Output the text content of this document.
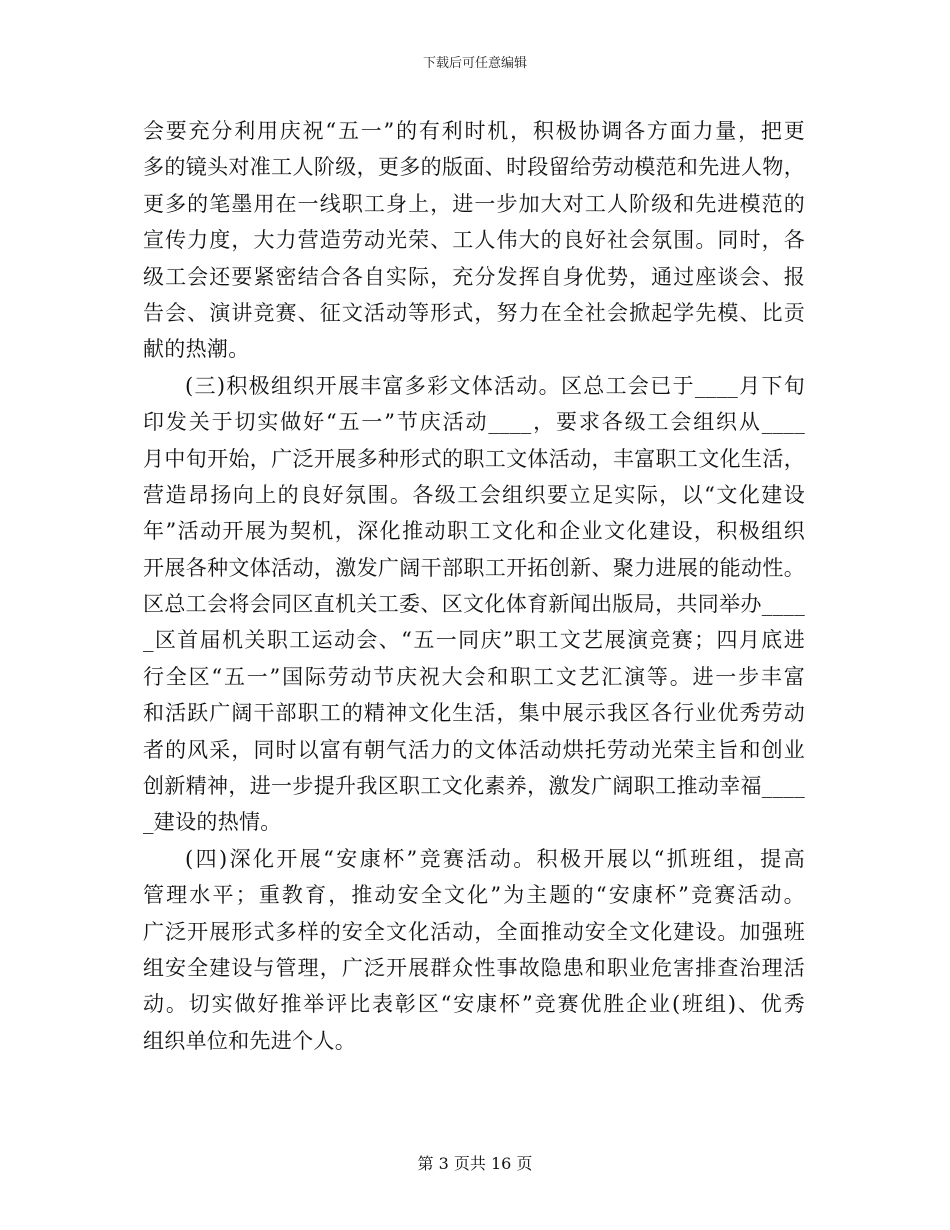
下载后可任意编辑
会要充分利用庆祝“五一”的有利时机，积极协调各方面力量，把更
多的镜头对准工人阶级，更多的版面、时段留给劳动模范和先进人物，
更多的笔墨用在一线职工身上，进一步加大对工人阶级和先进模范的
宣传力度，大力营造劳动光荣、工人伟大的良好社会氛围。同时，各
级工会还要紧密结合各自实际，充分发挥自身优势，通过座谈会、报
告会、演讲竞赛、征文活动等形式，努力在全社会掀起学先模、比贡
献的热潮。
(三)积极组织开展丰富多彩文体活动。区总工会已于____月下旬
印发关于切实做好“五一”节庆活动____，要求各级工会组织从____
月中旬开始，广泛开展多种形式的职工文体活动，丰富职工文化生活，
营造昂扬向上的良好氛围。各级工会组织要立足实际，以“文化建设
年”活动开展为契机，深化推动职工文化和企业文化建设，积极组织
开展各种文体活动，激发广阔干部职工开拓创新、聚力进展的能动性。
区总工会将会同区直机关工委、区文化体育新闻出版局，共同举办____
_区首届机关职工运动会、“五一同庆”职工文艺展演竞赛；四月底进
行全区“五一”国际劳动节庆祝大会和职工文艺汇演等。进一步丰富
和活跃广阔干部职工的精神文化生活，集中展示我区各行业优秀劳动
者的风采，同时以富有朝气活力的文体活动烘托劳动光荣主旨和创业
创新精神，进一步提升我区职工文化素养，激发广阔职工推动幸福____
_建设的热情。
(四)深化开展“安康杯”竞赛活动。积极开展以“抓班组，提高
管理水平；重教育，推动安全文化”为主题的“安康杯”竞赛活动。
广泛开展形式多样的安全文化活动，全面推动安全文化建设。加强班
组安全建设与管理，广泛开展群众性事故隐患和职业危害排查治理活
动。切实做好推举评比表彰区“安康杯”竞赛优胜企业(班组)、优秀
组织单位和先进个人。
第 3 页共 16 页
